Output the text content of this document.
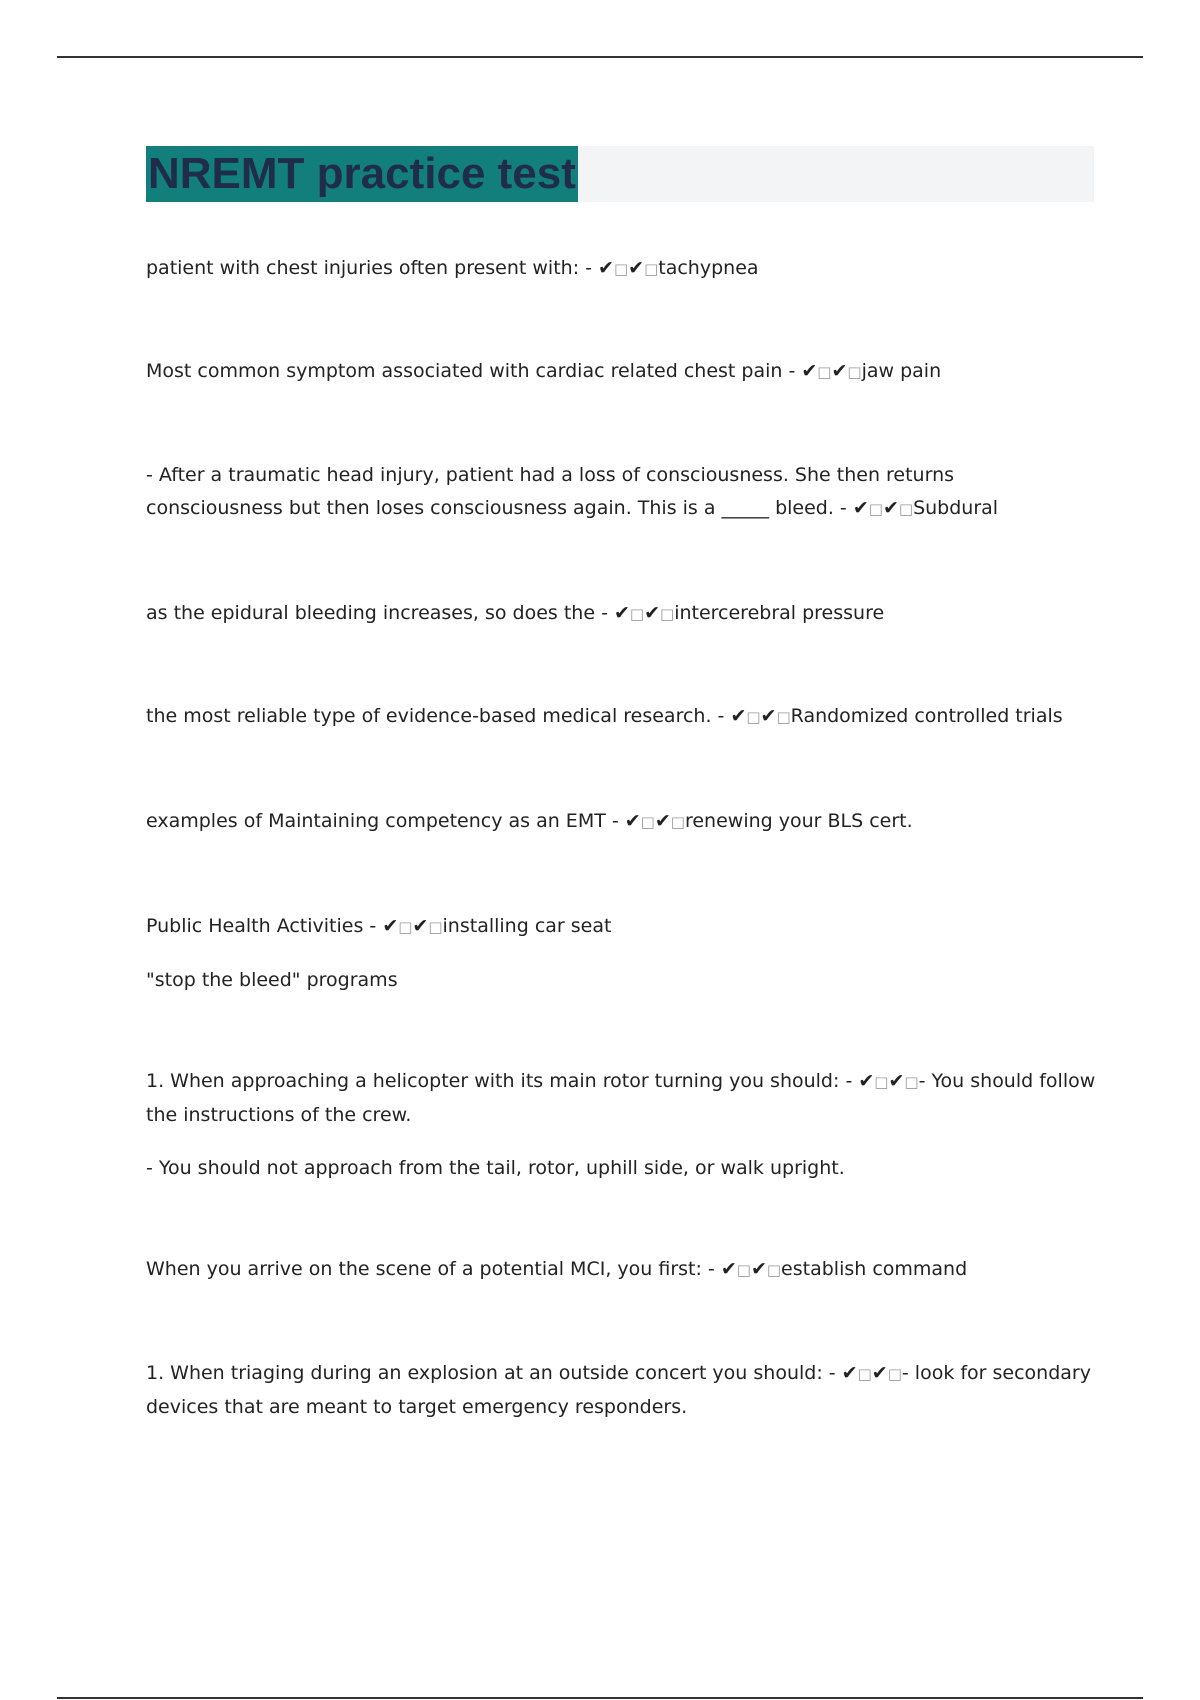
NREMT practice test

patient with chest injuries often present with: - ✔□✔□tachypnea

Most common symptom associated with cardiac related chest pain - ✔□✔□jaw pain

- After a traumatic head injury, patient had a loss of consciousness. She then returns consciousness but then loses consciousness again. This is a _____ bleed. - ✔□✔□Subdural

as the epidural bleeding increases, so does the - ✔□✔□intercerebral pressure

the most reliable type of evidence-based medical research. - ✔□✔□Randomized controlled trials

examples of Maintaining competency as an EMT - ✔□✔□renewing your BLS cert.

Public Health Activities - ✔□✔□installing car seat

"stop the bleed" programs

1. When approaching a helicopter with its main rotor turning you should: - ✔□✔□- You should follow the instructions of the crew.

- You should not approach from the tail, rotor, uphill side, or walk upright.

When you arrive on the scene of a potential MCI, you first: - ✔□✔□establish command

1. When triaging during an explosion at an outside concert you should: - ✔□✔□- look for secondary devices that are meant to target emergency responders.
